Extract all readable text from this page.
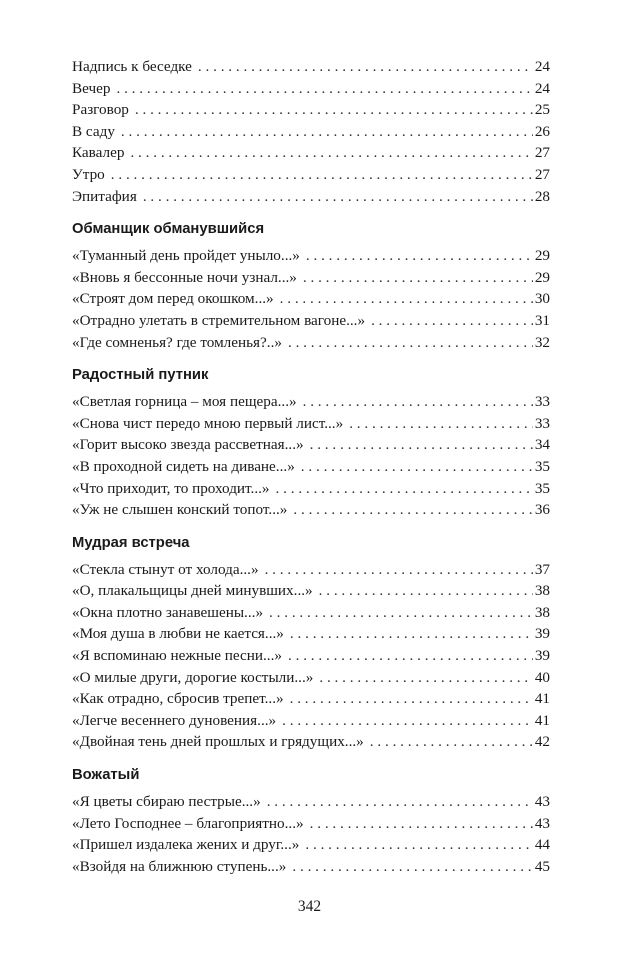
Надпись к беседке . . .	24
Вечер . . .	24
Разговор . . .	25
В саду . . .	26
Кавалер . . .	27
Утро . . .	27
Эпитафия . . .	28
Обманщик обманувшийся
«Туманный день пройдет уныло...» . . .	29
«Вновь я бессонные ночи узнал...» . . .	29
«Строят дом перед окошком...» . . .	30
«Отрадно улетать в стремительном вагоне...» . . .	31
«Где сомненья? где томленья?..» . . .	32
Радостный путник
«Светлая горница – моя пещера...» . . .	33
«Снова чист передо мною первый лист...» . . .	33
«Горит высоко звезда рассветная...» . . .	34
«В проходной сидеть на диване...» . . .	35
«Что приходит, то проходит...» . . .	35
«Уж не слышен конский топот...» . . .	36
Мудрая встреча
«Стекла стынут от холода...» . . .	37
«О, плакальщицы дней минувших...» . . .	38
«Окна плотно занавешены...» . . .	38
«Моя душа в любви не кается...» . . .	39
«Я вспоминаю нежные песни...» . . .	39
«О милые други, дорогие костыли...» . . .	40
«Как отрадно, сбросив трепет...» . . .	41
«Легче весеннего дуновения...» . . .	41
«Двойная тень дней прошлых и грядущих...» . . .	42
Вожатый
«Я цветы сбираю пестрые...» . . .	43
«Лето Господнее – благоприятно...» . . .	43
«Пришел издалека жених и друг...» . . .	44
«Взойдя на ближнюю ступень...» . . .	45
342
